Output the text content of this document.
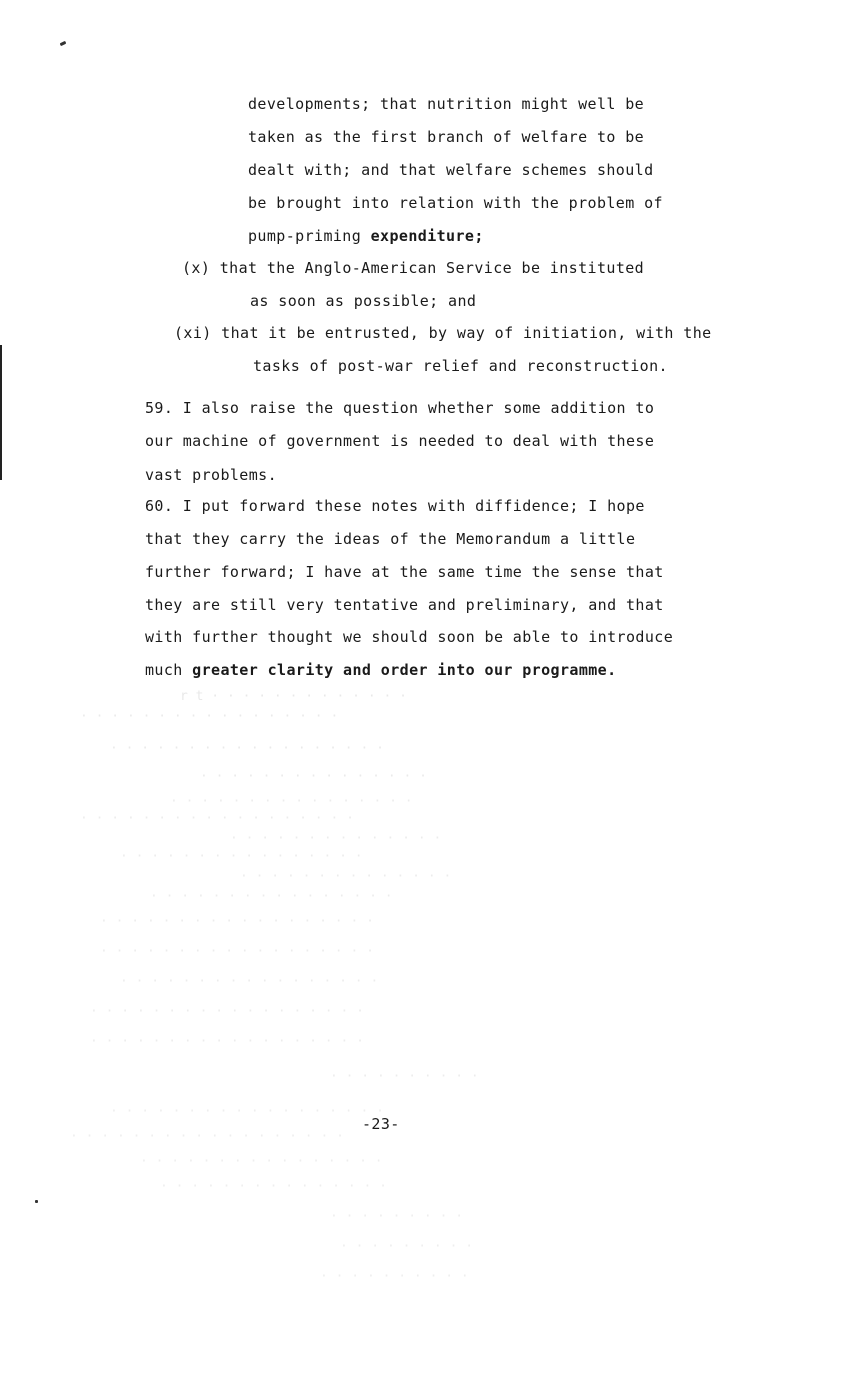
r t · · · · · · · · · · · · ·
· · · · · · · · · · · · · · · · ·
· · · · · · · · · · · · · · · · · ·
· · · · · · · · · · · · · · ·
· · · · · · · · · · · · · · · ·
· · · · · · · · · · · · · · · · · ·
· · · · · · · · · · · · · ·
· · · · · · · · · · · · · · · ·
· · · · · · · · · · · · · ·
· · · · · · · · · · · · · · · ·
· · · · · · · · · · · · · · · · · ·
· · · · · · · · · · · · · · · · · ·
· · · · · · · · · · · · · · · · ·
· · · · · · · · · · · · · · · · · ·
· · · · · · · · · · · · · · · · · ·
· · · · · · · · · ·
· · · · · · · · · · · · · · · · · ·
· · · · · · · · · · · · · · · · · ·
· · · · · · · · · · · · · · · ·
· · · · · · · · · · · · · · ·
· · · · · · · · ·
· · · · · · · · ·
· · · · · · · · · ·
developments; that nutrition might well be
taken as the first branch of welfare to be
dealt with; and that welfare schemes should
be brought into relation with the problem of
pump-priming expenditure;
(x) that the Anglo-American Service be instituted
as soon as possible; and
(xi) that it be entrusted, by way of initiation, with the
tasks of post-war relief and reconstruction.
59. I also raise the question whether some addition to
our machine of government is needed to deal with these
vast problems.
60. I put forward these notes with diffidence; I hope
that they carry the ideas of the Memorandum a little
further forward; I have at the same time the sense that
they are still very tentative and preliminary, and that
with further thought we should soon be able to introduce
much greater clarity and order into our programme.
-23-
